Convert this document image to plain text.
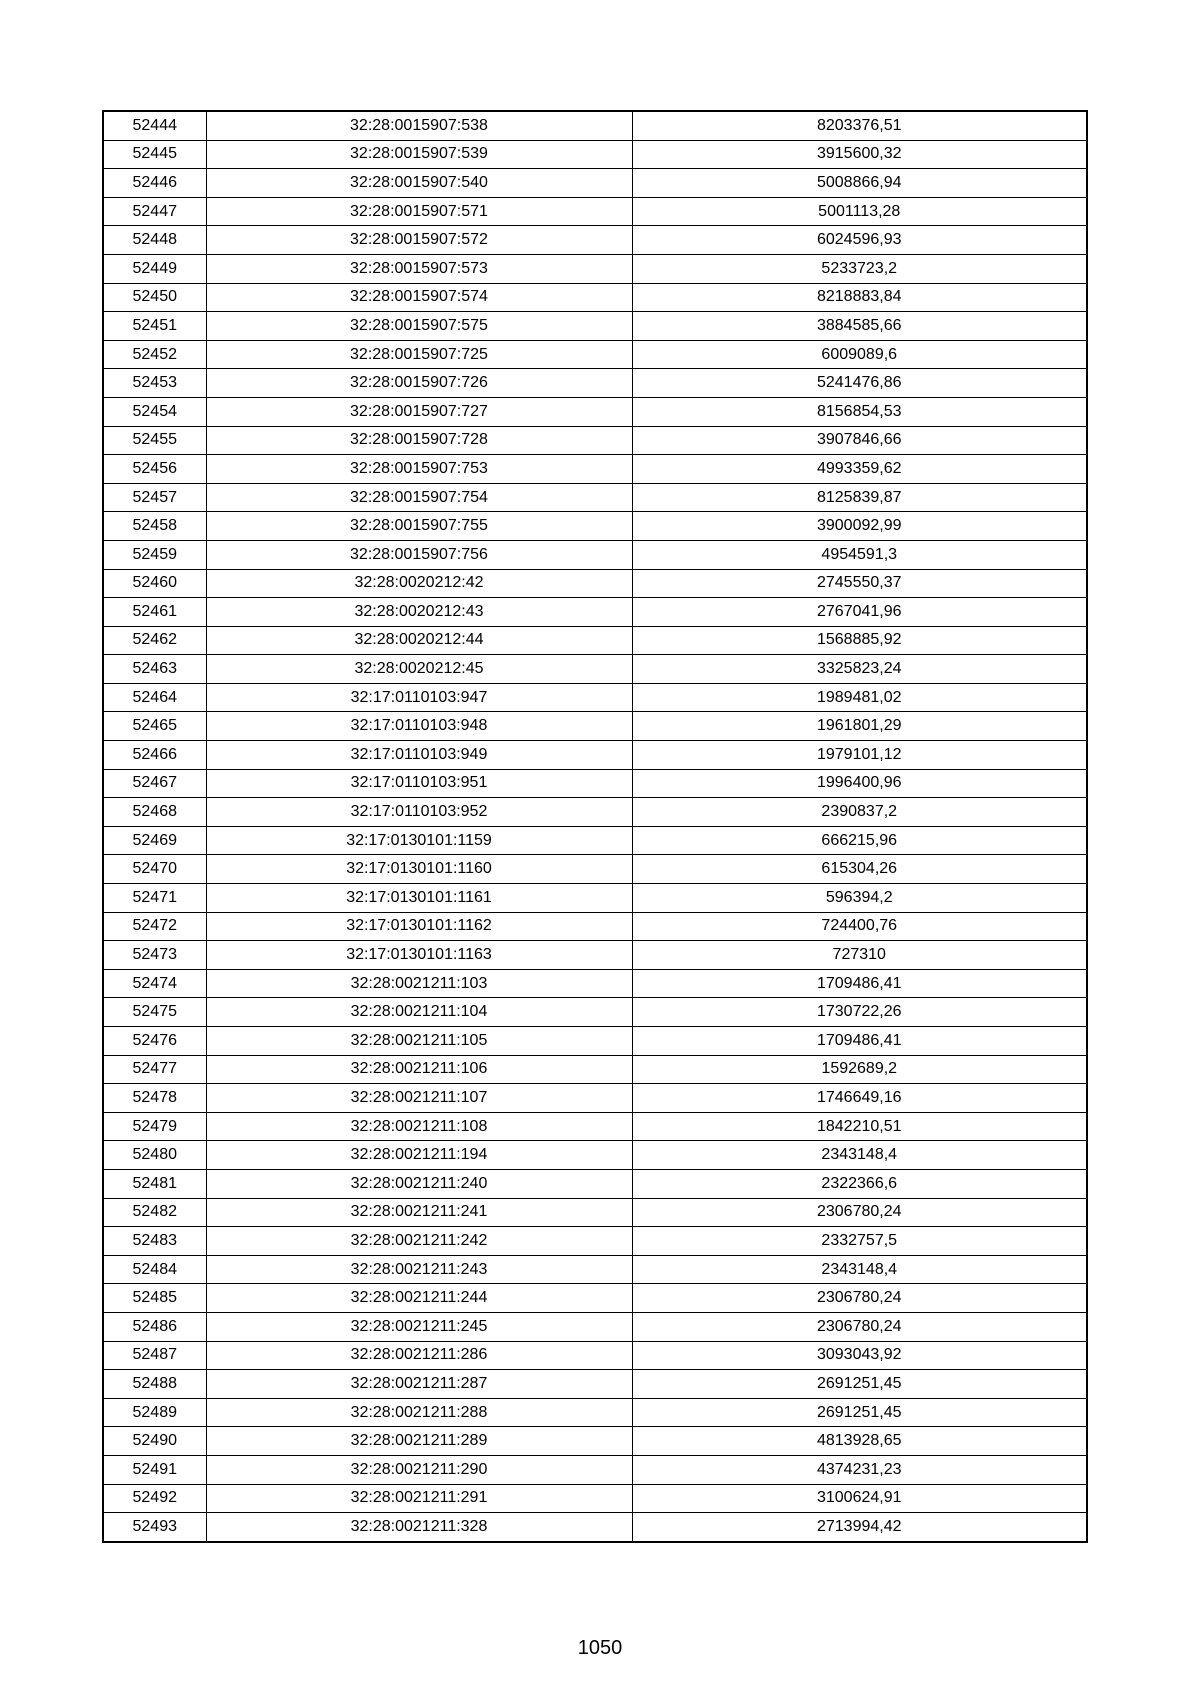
52444	32:28:0015907:538	8203376,51
52445	32:28:0015907:539	3915600,32
52446	32:28:0015907:540	5008866,94
52447	32:28:0015907:571	5001113,28
52448	32:28:0015907:572	6024596,93
52449	32:28:0015907:573	5233723,2
52450	32:28:0015907:574	8218883,84
52451	32:28:0015907:575	3884585,66
52452	32:28:0015907:725	6009089,6
52453	32:28:0015907:726	5241476,86
52454	32:28:0015907:727	8156854,53
52455	32:28:0015907:728	3907846,66
52456	32:28:0015907:753	4993359,62
52457	32:28:0015907:754	8125839,87
52458	32:28:0015907:755	3900092,99
52459	32:28:0015907:756	4954591,3
52460	32:28:0020212:42	2745550,37
52461	32:28:0020212:43	2767041,96
52462	32:28:0020212:44	1568885,92
52463	32:28:0020212:45	3325823,24
52464	32:17:0110103:947	1989481,02
52465	32:17:0110103:948	1961801,29
52466	32:17:0110103:949	1979101,12
52467	32:17:0110103:951	1996400,96
52468	32:17:0110103:952	2390837,2
52469	32:17:0130101:1159	666215,96
52470	32:17:0130101:1160	615304,26
52471	32:17:0130101:1161	596394,2
52472	32:17:0130101:1162	724400,76
52473	32:17:0130101:1163	727310
52474	32:28:0021211:103	1709486,41
52475	32:28:0021211:104	1730722,26
52476	32:28:0021211:105	1709486,41
52477	32:28:0021211:106	1592689,2
52478	32:28:0021211:107	1746649,16
52479	32:28:0021211:108	1842210,51
52480	32:28:0021211:194	2343148,4
52481	32:28:0021211:240	2322366,6
52482	32:28:0021211:241	2306780,24
52483	32:28:0021211:242	2332757,5
52484	32:28:0021211:243	2343148,4
52485	32:28:0021211:244	2306780,24
52486	32:28:0021211:245	2306780,24
52487	32:28:0021211:286	3093043,92
52488	32:28:0021211:287	2691251,45
52489	32:28:0021211:288	2691251,45
52490	32:28:0021211:289	4813928,65
52491	32:28:0021211:290	4374231,23
52492	32:28:0021211:291	3100624,91
52493	32:28:0021211:328	2713994,42
1050
